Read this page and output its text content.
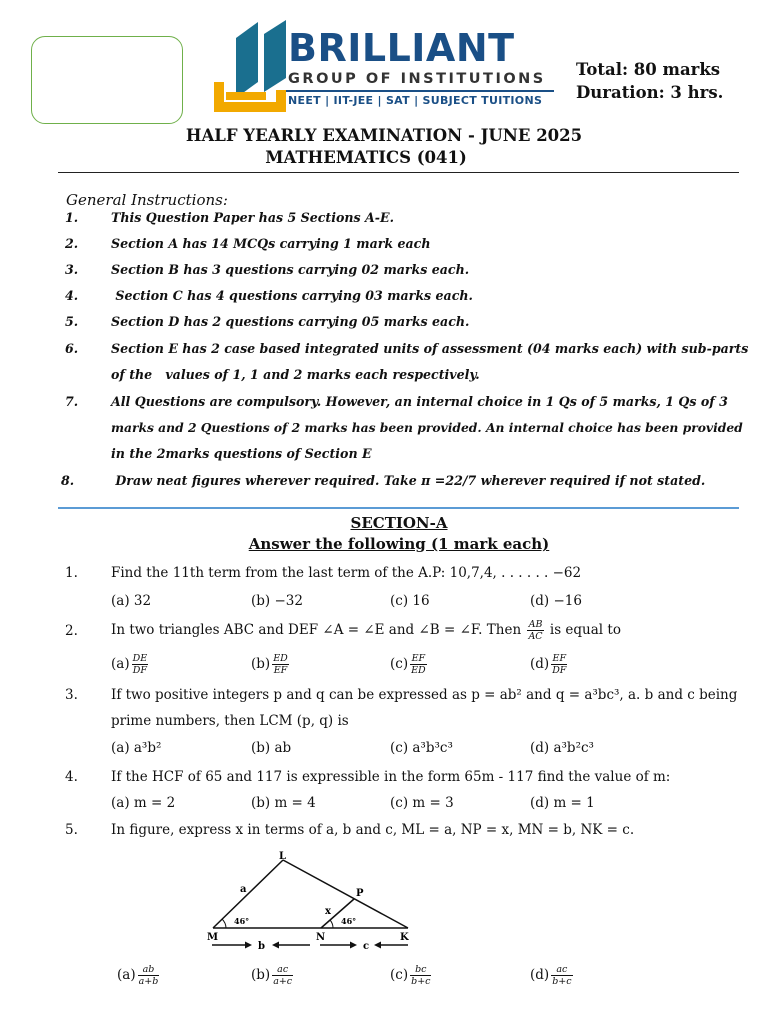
BRILLIANT
GROUP OF INSTITUTIONS
NEET | IIT-JEE | SAT | SUBJECT TUITIONS
Total: 80 marks
Duration: 3 hrs.
HALF YEARLY EXAMINATION - JUNE 2025
MATHEMATICS (041)
General Instructions:
1.	This Question Paper has 5 Sections A-E.
2.	Section A has 14 MCQs carrying 1 mark each
3.	Section B has 3 questions carrying 02 marks each.
4.	Section C has 4 questions carrying 03 marks each.
5.	Section D has 2 questions carrying 05 marks each.
6.	Section E has 2 case based integrated units of assessment (04 marks each) with sub-parts
of the   values of 1, 1 and 2 marks each respectively.
7.	All Questions are compulsory. However, an internal choice in 1 Qs of 5 marks, 1 Qs of 3
marks and 2 Questions of 2 marks has been provided. An internal choice has been provided
in the 2marks questions of Section E
8.	Draw neat figures wherever required. Take π =22/7 wherever required if not stated.
SECTION-A
Answer the following (1 mark each)
1. Find the 11th term from the last term of the A.P: 10,7,4, . . . . . . −62
(a) 32	(b) −32	(c) 16	(d) −16
2. In two triangles ABC and DEF ∠A = ∠E and ∠B = ∠F. Then $\frac{AB}{AC}$ is equal to
$(a) \frac{DE}{DF}$	$(b) \frac{ED}{EF}$	$(c) \frac{EF}{ED}$	$(d) \frac{EF}{DF}$
3. If two positive integers p and q can be expressed as p = ab² and q = a³bc³, a. b and c being
prime numbers, then LCM (p, q) is
(a) a³b²	(b) ab	(c) a³b³c³	(d) a³b²c³
4. If the HCF of 65 and 117 is expressible in the form 65m - 117 find the value of m:
(a) m = 2	(b) m = 4	(c) m = 3	(d) m = 1
5. In figure, express x in terms of a, b and c, ML = a, NP = x, MN = b, NK = c.
L
M	N	K
P
a
x
46°	46°
b	c
$(a) \frac{ab}{a+b}$	$(b) \frac{ac}{a+c}$	$(c) \frac{bc}{b+c}$	$(d) \frac{ac}{b+c}$
